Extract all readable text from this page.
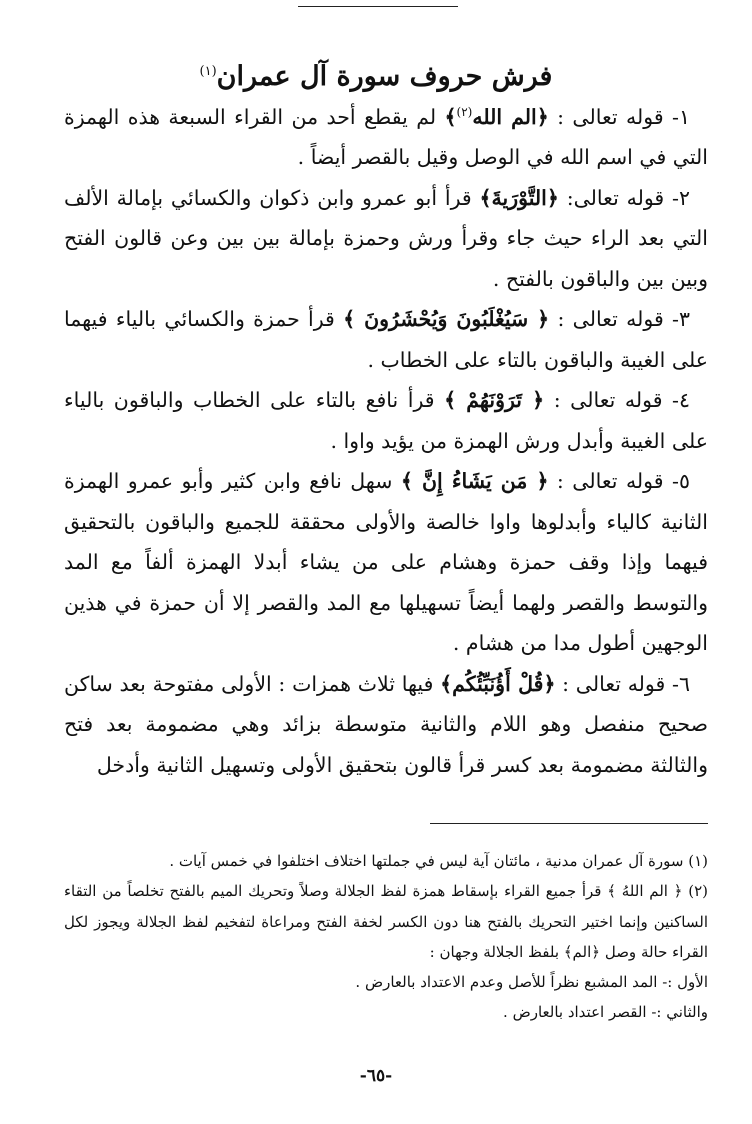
فرش حروف سورة آل عمران$^{(١)}$

١- قوله تعالى : ﴿الم الله$^{(٢)}$﴾ لم يقطع أحد من القراء السبعة هذه الهمزة التي في اسم الله في الوصل وقيل بالقصر أيضاً .

٢- قوله تعالى: ﴿التَّوْرَيةَ﴾ قرأ أبو عمرو وابن ذكوان والكسائي بإمالة الألف التي بعد الراء حيث جاء وقرأ ورش وحمزة بإمالة بين بين وعن قالون الفتح وبين بين والباقون بالفتح .

٣- قوله تعالى : ﴿ سَيُغْلَبُونَ وَيُحْشَرُونَ ﴾ قرأ حمزة والكسائي بالياء فيهما على الغيبة والباقون بالتاء على الخطاب .

٤- قوله تعالى : ﴿ تَرَوْنَهُمْ ﴾ قرأ نافع بالتاء على الخطاب والباقون بالياء على الغيبة وأبدل ورش الهمزة من يؤيد واوا .

٥- قوله تعالى : ﴿ مَن يَشَاءُ إِنَّ ﴾ سهل نافع وابن كثير وأبو عمرو الهمزة الثانية كالياء وأبدلوها واوا خالصة والأولى محققة للجميع والباقون بالتحقيق فيهما وإذا وقف حمزة وهشام على من يشاء أبدلا الهمزة ألفاً مع المد والتوسط والقصر ولهما أيضاً تسهيلها مع المد والقصر إلا أن حمزة في هذين الوجهين أطول مدا من هشام .

٦- قوله تعالى : ﴿قُلْ أَؤُنَبِّئُكُم﴾ فيها ثلاث همزات : الأولى مفتوحة بعد ساكن صحيح منفصل وهو اللام والثانية متوسطة بزائد وهي مضمومة بعد فتح والثالثة مضمومة بعد كسر قرأ قالون بتحقيق الأولى وتسهيل الثانية وأدخل

(١) سورة آل عمران مدنية ، مائتان آية ليس في جملتها اختلاف اختلفوا في خمس آيات .

(٢) ﴿ الم اللهُ ﴾ قرأ جميع القراء بإسقاط همزة لفظ الجلالة وصلاً وتحريك الميم بالفتح تخلصاً من التقاء الساكنين وإنما اختير التحريك بالفتح هنا دون الكسر لخفة الفتح ومراعاة لتفخيم لفظ الجلالة ويجوز لكل القراء حالة وصل ﴿الم﴾ بلفظ الجلالة وجهان :

الأول :- المد المشبع نظراً للأصل وعدم الاعتداد بالعارض .

والثاني :- القصر اعتداد بالعارض .

-٦٥-
